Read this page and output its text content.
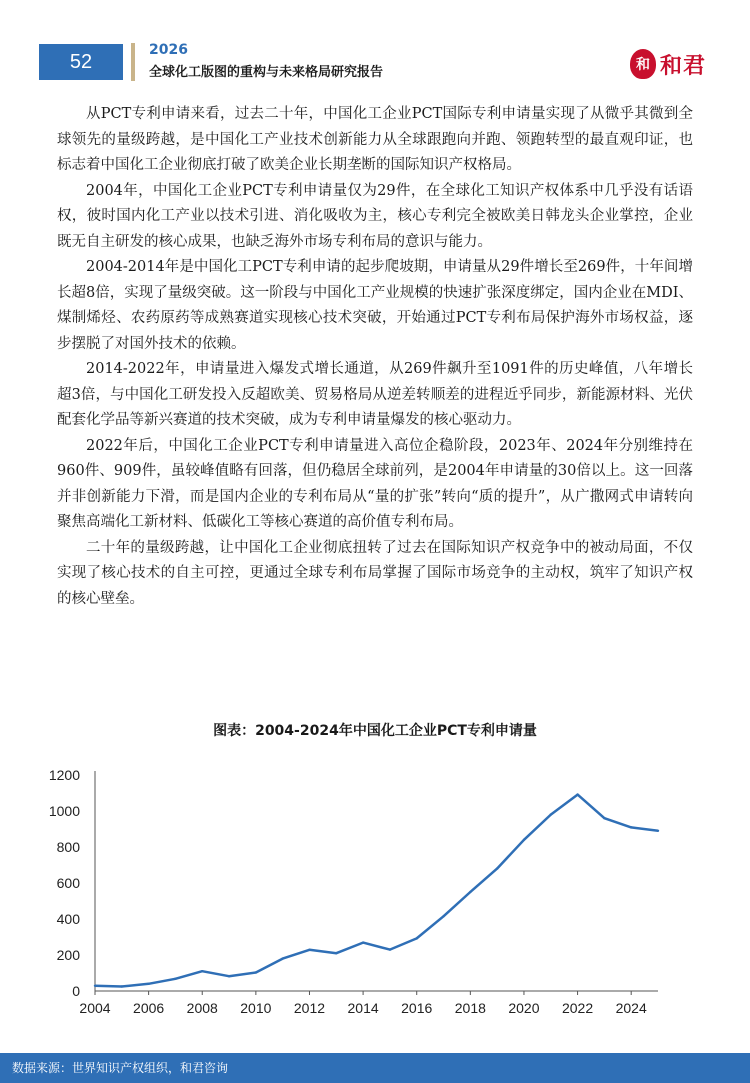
52
2026
全球化工版图的重构与未来格局研究报告	和 和君

从PCT专利申请来看，过去二十年，中国化工企业PCT国际专利申请量实现了从微乎其微到全球领先的量级跨越，是中国化工产业技术创新能力从全球跟跑向并跑、领跑转型的最直观印证，也标志着中国化工企业彻底打破了欧美企业长期垄断的国际知识产权格局。

2004年，中国化工企业PCT专利申请量仅为29件，在全球化工知识产权体系中几乎没有话语权，彼时国内化工产业以技术引进、消化吸收为主，核心专利完全被欧美日韩龙头企业掌控，企业既无自主研发的核心成果，也缺乏海外市场专利布局的意识与能力。

2004-2014年是中国化工PCT专利申请的起步爬坡期，申请量从29件增长至269件，十年间增长超8倍，实现了量级突破。这一阶段与中国化工产业规模的快速扩张深度绑定，国内企业在MDI、煤制烯烃、农药原药等成熟赛道实现核心技术突破，开始通过PCT专利布局保护海外市场权益，逐步摆脱了对国外技术的依赖。

2014-2022年，申请量进入爆发式增长通道，从269件飙升至1091件的历史峰值，八年增长超3倍，与中国化工研发投入反超欧美、贸易格局从逆差转顺差的进程近乎同步，新能源材料、光伏配套化学品等新兴赛道的技术突破，成为专利申请量爆发的核心驱动力。

2022年后，中国化工企业PCT专利申请量进入高位企稳阶段，2023年、2024年分别维持在960件、909件，虽较峰值略有回落，但仍稳居全球前列，是2004年申请量的30倍以上。这一回落并非创新能力下滑，而是国内企业的专利布局从“量的扩张”转向“质的提升”，从广撒网式申请转向聚焦高端化工新材料、低碳化工等核心赛道的高价值专利布局。

二十年的量级跨越，让中国化工企业彻底扭转了过去在国际知识产权竞争中的被动局面，不仅实现了核心技术的自主可控，更通过全球专利布局掌握了国际市场竞争的主动权，筑牢了知识产权的核心壁垒。

图表：2004-2024年中国化工企业PCT专利申请量
0
200
400
600
800
1000
1200
2004 2006 2008 2010 2012 2014 2016 2018 2020 2022 2024
数据来源：世界知识产权组织，和君咨询
